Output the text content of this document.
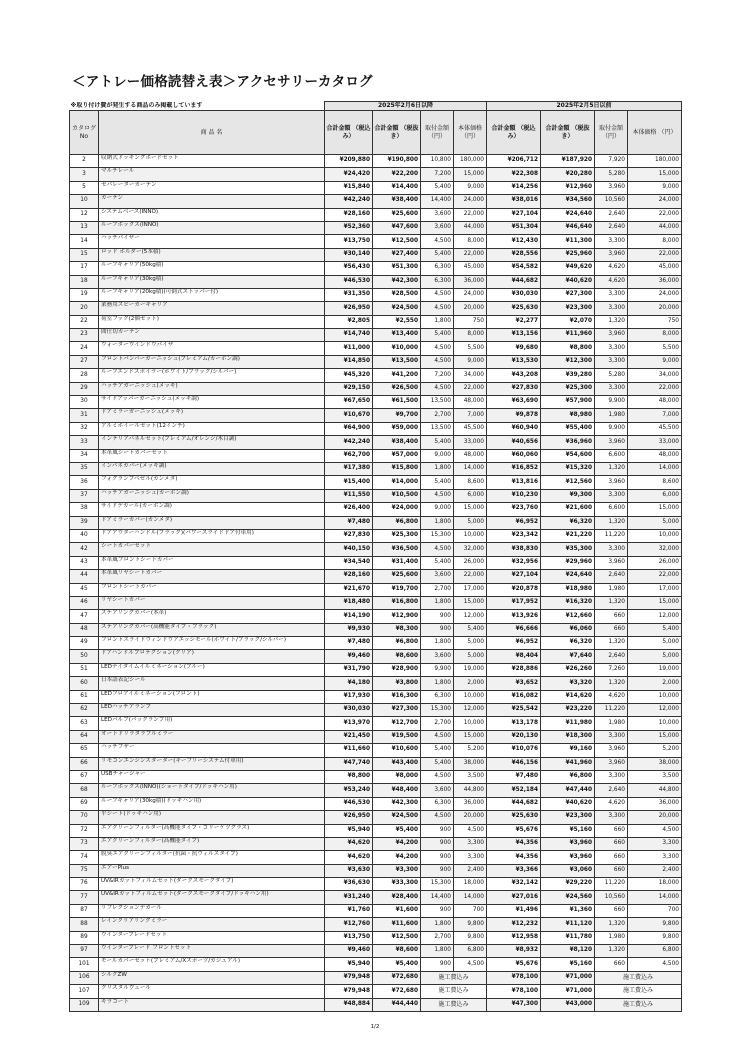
＜アトレー価格読替え表＞アクセサリーカタログ
※取り付け費が発生する商品のみ掲載しています		2025年2月6日以降				2025年2月5日以前			
カタログ No	商 品 名	合計金額 （税込み）	合計金額 （税抜き）	取付金額 （円）	本体価格 （円）	合計金額 （税込み）	合計金額 （税抜き）	取付金額 （円）	本体価格 （円）
2	収納式ドッキングボードセット	¥209,880	¥190,800	10,800	180,000	¥206,712	¥187,920	7,920	180,000
3	マルチレール	¥24,420	¥22,200	7,200	15,000	¥22,308	¥20,280	5,280	15,000
5	セパレーターカーテン	¥15,840	¥14,400	5,400	9,000	¥14,256	¥12,960	3,960	9,000
10	カーテン	¥42,240	¥38,400	14,400	24,000	¥38,016	¥34,560	10,560	24,000
12	システムベース(INNO)	¥28,160	¥25,600	3,600	22,000	¥27,104	¥24,640	2,640	22,000
13	ルーフボックス(INNO)	¥52,360	¥47,600	3,600	44,000	¥51,304	¥46,640	2,640	44,000
14	ハッチバイザー	¥13,750	¥12,500	4,500	8,000	¥12,430	¥11,300	3,300	8,000
15	ロッド ホルダー(5本積)	¥30,140	¥27,400	5,400	22,000	¥28,556	¥25,960	3,960	22,000
17	ルーフキャリア(50kg積)	¥56,430	¥51,300	6,300	45,000	¥54,582	¥49,620	4,620	45,000
18	ルーフキャリア(30kg積)	¥46,530	¥42,300	6,300	36,000	¥44,682	¥40,620	4,620	36,000
19	ルーフキャリア(20kg積)(可倒式ストッパー付)	¥31,350	¥28,500	4,500	24,000	¥30,030	¥27,300	3,300	24,000
20	業務用スピーカーキャリア	¥26,950	¥24,500	4,500	20,000	¥25,630	¥23,300	3,300	20,000
22	荷室フック(2個セット)	¥2,805	¥2,550	1,800	750	¥2,277	¥2,070	1,320	750
23	間仕切カーテン	¥14,740	¥13,400	5,400	8,000	¥13,156	¥11,960	3,960	8,000
24	ウォーターウインドウバイザ	¥11,000	¥10,000	4,500	5,500	¥9,680	¥8,800	3,300	5,500
27	フロントバンパーガーニッシュ(プレミアム/カーボン調)	¥14,850	¥13,500	4,500	9,000	¥13,530	¥12,300	3,300	9,000
28	ルーフエンドスポイラー(ホワイト/ブラック/シルバー)	¥45,320	¥41,200	7,200	34,000	¥43,208	¥39,280	5,280	34,000
29	ハッチアガーニッシュ(メッキ)	¥29,150	¥26,500	4,500	22,000	¥27,830	¥25,300	3,300	22,000
30	サイドアッパーガーニッシュ(メッキ調)	¥67,650	¥61,500	13,500	48,000	¥63,690	¥57,900	9,900	48,000
31	ドアミラーガーニッシュ(メッキ)	¥10,670	¥9,700	2,700	7,000	¥9,878	¥8,980	1,980	7,000
32	アルミホイールセット(12インチ)	¥64,900	¥59,000	13,500	45,500	¥60,940	¥55,400	9,900	45,500
33	インテリアパネルセット(プレミアム/オレンジ/木目調)	¥42,240	¥38,400	5,400	33,000	¥40,656	¥36,960	3,960	33,000
34	本革風シートカバーセット	¥62,700	¥57,000	9,000	48,000	¥60,060	¥54,600	6,600	48,000
35	インパネカバー(メッキ調)	¥17,380	¥15,800	1,800	14,000	¥16,852	¥15,320	1,320	14,000
36	フォグランプベゼル(カンメタ)	¥15,400	¥14,000	5,400	8,600	¥13,816	¥12,560	3,960	8,600
37	ハッチアガーニッシュ(カーボン調)	¥11,550	¥10,500	4,500	6,000	¥10,230	¥9,300	3,300	6,000
38	サイドデカール(カーボン調)	¥26,400	¥24,000	9,000	15,000	¥23,760	¥21,600	6,600	15,000
39	ドアミラーカバー(カンメタ)	¥7,480	¥6,800	1,800	5,000	¥6,952	¥6,320	1,320	5,000
40	ドアアウターハンドル(ブラック)(パワースライドドア付車用)	¥27,830	¥25,300	15,300	10,000	¥23,342	¥21,220	11,220	10,000
42	シートカバーセット	¥40,150	¥36,500	4,500	32,000	¥38,830	¥35,300	3,300	32,000
43	本革風フロントシートカバー	¥34,540	¥31,400	5,400	26,000	¥32,956	¥29,960	3,960	26,000
44	本革風リヤシートカバー	¥28,160	¥25,600	3,600	22,000	¥27,104	¥24,640	2,640	22,000
45	フロントシートカバー	¥21,670	¥19,700	2,700	17,000	¥20,878	¥18,980	1,980	17,000
46	リヤシートカバー	¥18,480	¥16,800	1,800	15,000	¥17,952	¥16,320	1,320	15,000
47	ステアリングカバー(本革)	¥14,190	¥12,900	900	12,000	¥13,926	¥12,660	660	12,000
48	ステアリングカバー(高機能タイプ・ブラック)	¥9,930	¥8,300	900	5,400	¥6,666	¥6,060	660	5,400
49	フロントスライドウィンドウアエッジモール(ホワイト/ブラック/シルバー)	¥7,480	¥6,800	1,800	5,000	¥6,952	¥6,320	1,320	5,000
50	ドアハンドルプロテクション(クリア)	¥9,460	¥8,600	3,600	5,000	¥8,404	¥7,640	2,640	5,000
51	LEDデイタイムイルミネーション(ブルー)	¥31,790	¥28,900	9,900	19,000	¥28,886	¥26,260	7,260	19,000
60	日本語表記シール	¥4,180	¥3,800	1,800	2,000	¥3,652	¥3,320	1,320	2,000
61	LEDフロアイルミネーション(フロント)	¥17,930	¥16,300	6,300	10,000	¥16,082	¥14,620	4,620	10,000
62	LEDハッチアランプ	¥30,030	¥27,300	15,300	12,000	¥25,542	¥23,220	11,220	12,000
63	LEDバルブ(バックランプ用)	¥13,970	¥12,700	2,700	10,000	¥13,178	¥11,980	1,980	10,000
64	オートドリラタラブルミラー	¥21,450	¥19,500	4,500	15,000	¥20,130	¥18,300	3,300	15,000
65	ハッチブザー	¥11,660	¥10,600	5,400	5,200	¥10,076	¥9,160	3,960	5,200
66	リモコンエンジンスターター(キーフリーシステム付車用)	¥47,740	¥43,400	5,400	38,000	¥46,156	¥41,960	3,960	38,000
67	USBチャージャー	¥8,800	¥8,000	4,500	3,500	¥7,480	¥6,800	3,300	3,500
68	ルーフボックス(INNO)(ショートタイプ/ドッキハン用)	¥53,240	¥48,400	3,600	44,800	¥52,184	¥47,440	2,640	44,800
69	ルーフキャリア(30kg積)(ドッキハン用)	¥46,530	¥42,300	6,300	36,000	¥44,682	¥40,620	4,620	36,000
70	平シート(ドッキハン用)	¥26,950	¥24,500	4,500	20,000	¥25,630	¥23,300	3,300	20,000
72	エアクリーンフィルター(高機能タイプ・コリーケツグラス)	¥5,940	¥5,400	900	4,500	¥5,676	¥5,160	660	4,500
73	エアクリーンフィルター(高機能タイプ)	¥4,620	¥4,200	900	3,300	¥4,356	¥3,960	660	3,300
74	脱臭エアクリーンフィルター(抗菌・抗ウィルスタイプ)	¥4,620	¥4,200	900	3,300	¥4,356	¥3,960	660	3,300
75	エアーPlus	¥3,630	¥3,300	900	2,400	¥3,366	¥3,060	660	2,400
76	UV&IRカットフィルムセット(ダークスモークタイプ)	¥36,630	¥33,300	15,300	18,000	¥32,142	¥29,220	11,220	18,000
77	UV&IRカットフィルムセット(ダークスモークタイプ/ドッキハン用)	¥31,240	¥28,400	14,400	14,000	¥27,016	¥24,560	10,560	14,000
87	リフレクションデカール	¥1,760	¥1,600	900	700	¥1,496	¥1,360	660	700
88	レインクリアリングミラー	¥12,760	¥11,600	1,800	9,800	¥12,232	¥11,120	1,320	9,800
89	ウインタープレードセット	¥13,750	¥12,500	2,700	9,800	¥12,958	¥11,780	1,980	9,800
97	ウインタープレード フロントセット	¥9,460	¥8,600	1,800	6,800	¥8,932	¥8,120	1,320	6,800
101	モールカバーセット(プレミアム/Xスポーツ/カジュアル)	¥5,940	¥5,400	900	4,500	¥5,676	¥5,160	660	4,500
106	シルクZW	¥79,948	¥72,680	施工費込み		¥78,100	¥71,000	施工費込み	
107	クリスタルヴェール	¥79,948	¥72,680	施工費込み		¥78,100	¥71,000	施工費込み	
109	キラコート	¥48,884	¥44,440	施工費込み		¥47,300	¥43,000	施工費込み	
1/2
